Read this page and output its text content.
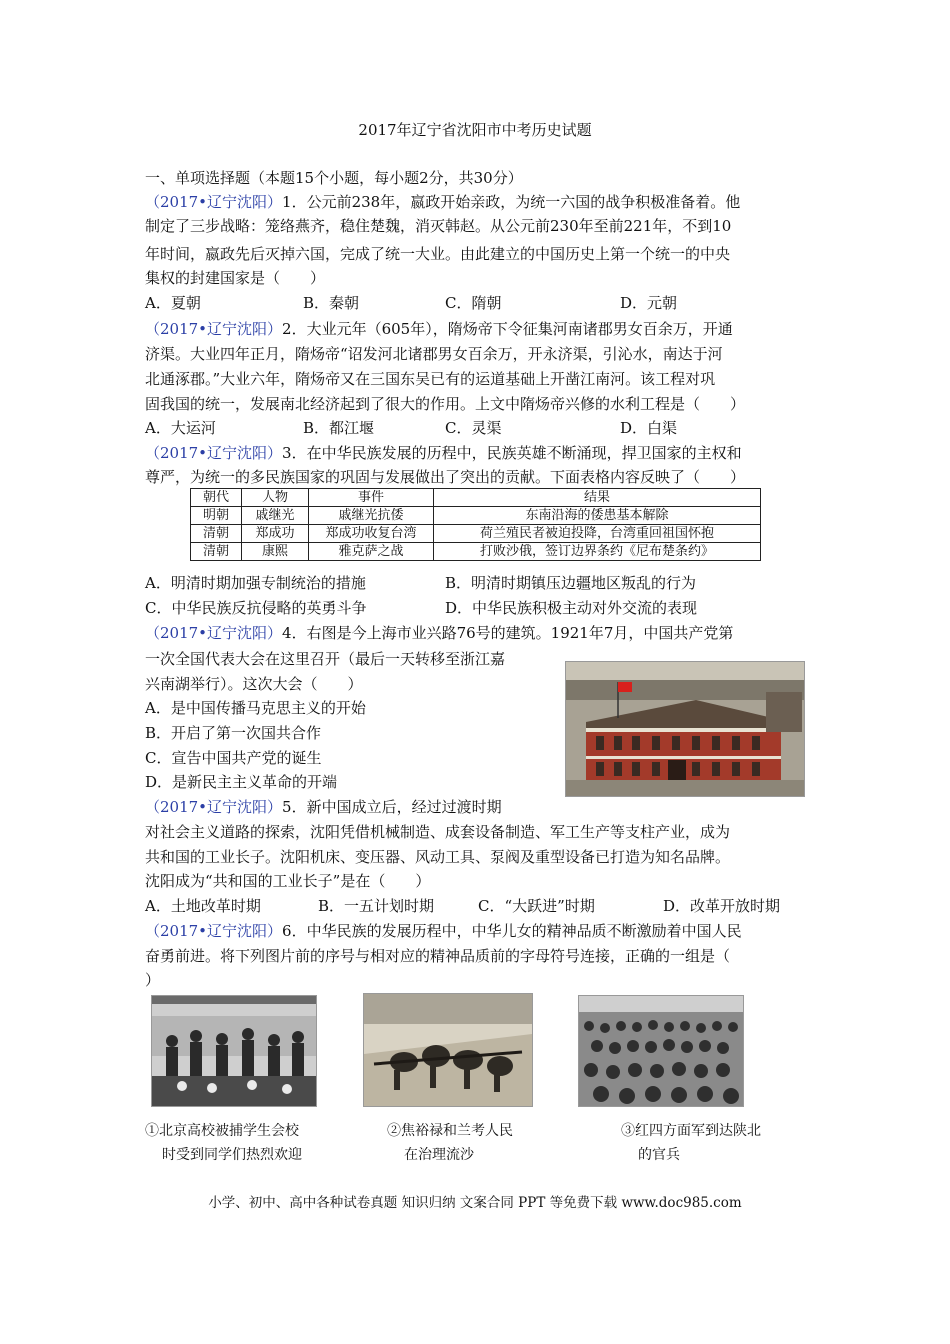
2017年辽宁省沈阳市中考历史试题
一、单项选择题（本题15个小题，每小题2分，共30分）
（2017•辽宁沈阳）1．公元前238年，嬴政开始亲政，为统一六国的战争积极准备着。他
制定了三步战略：笼络燕齐，稳住楚魏，消灭韩赵。从公元前230年至前221年，不到10
年时间，嬴政先后灭掉六国，完成了统一大业。由此建立的中国历史上第一个统一的中央
集权的封建国家是（　　）
A．夏朝	B．秦朝	C．隋朝	D．元朝
（2017•辽宁沈阳）2．大业元年（605年），隋炀帝下令征集河南诸郡男女百余万，开通
济渠。大业四年正月，隋炀帝“诏发河北诸郡男女百余万，开永济渠，引沁水，南达于河
北通涿郡。”大业六年，隋炀帝又在三国东吴已有的运道基础上开凿江南河。该工程对巩
固我国的统一，发展南北经济起到了很大的作用。上文中隋炀帝兴修的水利工程是（　　）
A．大运河	B．都江堰	C．灵渠	D．白渠
（2017•辽宁沈阳）3．在中华民族发展的历程中，民族英雄不断涌现，捍卫国家的主权和
尊严，为统一的多民族国家的巩固与发展做出了突出的贡献。下面表格内容反映了（　　）
朝代	人物	事件	结果
明朝	戚继光	戚继光抗倭	东南沿海的倭患基本解除
清朝	郑成功	郑成功收复台湾	荷兰殖民者被迫投降，台湾重回祖国怀抱
清朝	康熙	雅克萨之战	打败沙俄，签订边界条约《尼布楚条约》
A．明清时期加强专制统治的措施	B．明清时期镇压边疆地区叛乱的行为
C．中华民族反抗侵略的英勇斗争	D．中华民族积极主动对外交流的表现
（2017•辽宁沈阳）4．右图是今上海市业兴路76号的建筑。1921年7月，中国共产党第
一次全国代表大会在这里召开（最后一天转移至浙江嘉
兴南湖举行）。这次大会（　　）
A．是中国传播马克思主义的开始
B．开启了第一次国共合作
C．宣告中国共产党的诞生
D．是新民主主义革命的开端
（2017•辽宁沈阳）5．新中国成立后，经过过渡时期
对社会主义道路的探索，沈阳凭借机械制造、成套设备制造、军工生产等支柱产业，成为
共和国的工业长子。沈阳机床、变压器、风动工具、泵阀及重型设备已打造为知名品牌。
沈阳成为“共和国的工业长子”是在（　　）
A．土地改革时期	B．一五计划时期	C．“大跃进”时期	D．改革开放时期
（2017•辽宁沈阳）6．中华民族的发展历程中，中华儿女的精神品质不断激励着中国人民
奋勇前进。将下列图片前的序号与相对应的精神品质前的字母符号连接，正确的一组是（
）
①北京高校被捕学生会校
时受到同学们热烈欢迎
②焦裕禄和兰考人民
在治理流沙
③红四方面军到达陕北
的官兵
小学、初中、高中各种试卷真题 知识归纳 文案合同 PPT 等免费下载 www.doc985.com
